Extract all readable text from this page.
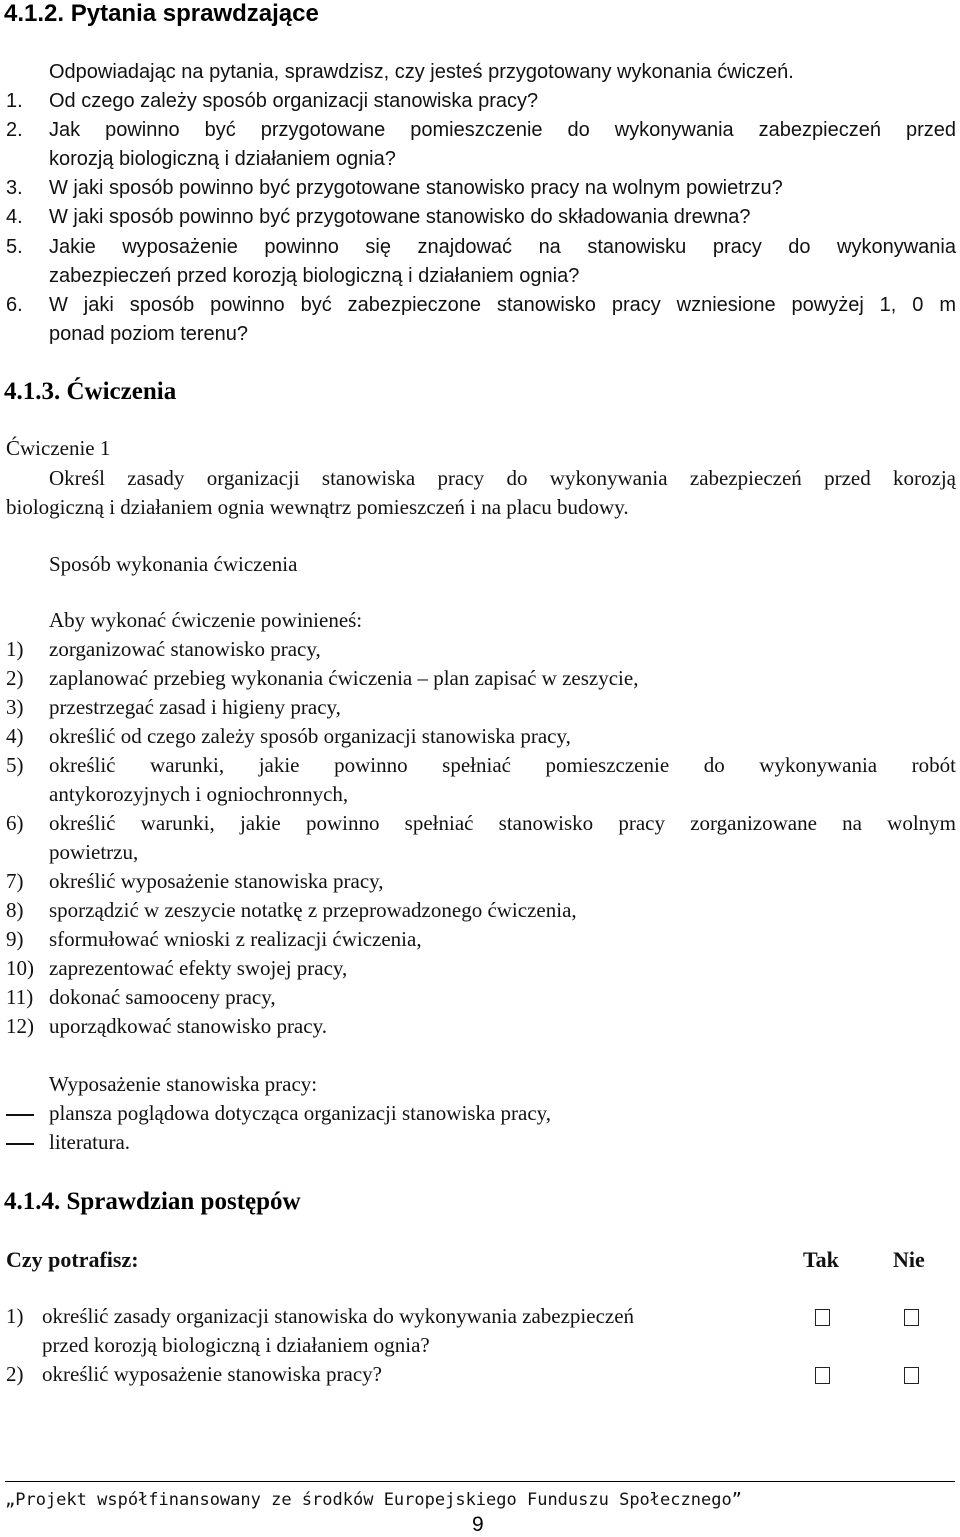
4.1.2. Pytania sprawdzające
Odpowiadając na pytania, sprawdzisz, czy jesteś przygotowany wykonania ćwiczeń.
1. Od czego zależy sposób organizacji stanowiska pracy?
2. Jak powinno być przygotowane pomieszczenie do wykonywania zabezpieczeń przed
korozją biologiczną i działaniem ognia?
3. W jaki sposób powinno być przygotowane stanowisko pracy na wolnym powietrzu?
4. W jaki sposób powinno być przygotowane stanowisko do składowania drewna?
5. Jakie wyposażenie powinno się znajdować na stanowisku pracy do wykonywania
zabezpieczeń przed korozją biologiczną i działaniem ognia?
6. W jaki sposób powinno być zabezpieczone stanowisko pracy wzniesione powyżej 1, 0 m
ponad poziom terenu?
4.1.3. Ćwiczenia
Ćwiczenie 1
Określ zasady organizacji stanowiska pracy do wykonywania zabezpieczeń przed korozją
biologiczną i działaniem ognia wewnątrz pomieszczeń i na placu budowy.
Sposób wykonania ćwiczenia
Aby wykonać ćwiczenie powinieneś:
1) zorganizować stanowisko pracy,
2) zaplanować przebieg wykonania ćwiczenia – plan zapisać w zeszycie,
3) przestrzegać zasad i higieny pracy,
4) określić od czego zależy sposób organizacji stanowiska pracy,
5) określić warunki, jakie powinno spełniać pomieszczenie do wykonywania robót
antykorozyjnych i ogniochronnych,
6) określić warunki, jakie powinno spełniać stanowisko pracy zorganizowane na wolnym
powietrzu,
7) określić wyposażenie stanowiska pracy,
8) sporządzić w zeszycie notatkę z przeprowadzonego ćwiczenia,
9) sformułować wnioski z realizacji ćwiczenia,
10) zaprezentować efekty swojej pracy,
11) dokonać samooceny pracy,
12) uporządkować stanowisko pracy.
Wyposażenie stanowiska pracy:
plansza poglądowa dotycząca organizacji stanowiska pracy,
literatura.
4.1.4. Sprawdzian postępów
Czy potrafisz:	Tak Nie
1) określić zasady organizacji stanowiska do wykonywania zabezpieczeń
przed korozją biologiczną i działaniem ognia?
2) określić wyposażenie stanowiska pracy?
„Projekt współfinansowany ze środków Europejskiego Funduszu Społecznego”
9
